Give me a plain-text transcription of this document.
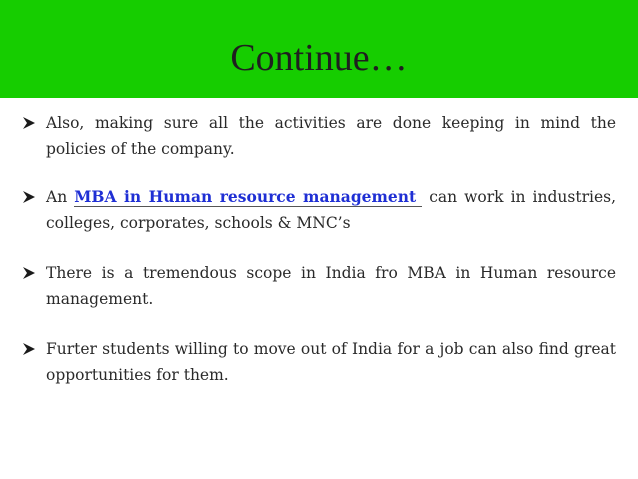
Continue…
Also, making sure all the activities are done keeping in mind the policies of the company.
An MBA in Human resource management can work in industries, colleges, corporates, schools & MNC’s
There is a tremendous scope in India fro MBA in Human resource management.
Furter students willing to move out of India for a job can also find great opportunities for them.
